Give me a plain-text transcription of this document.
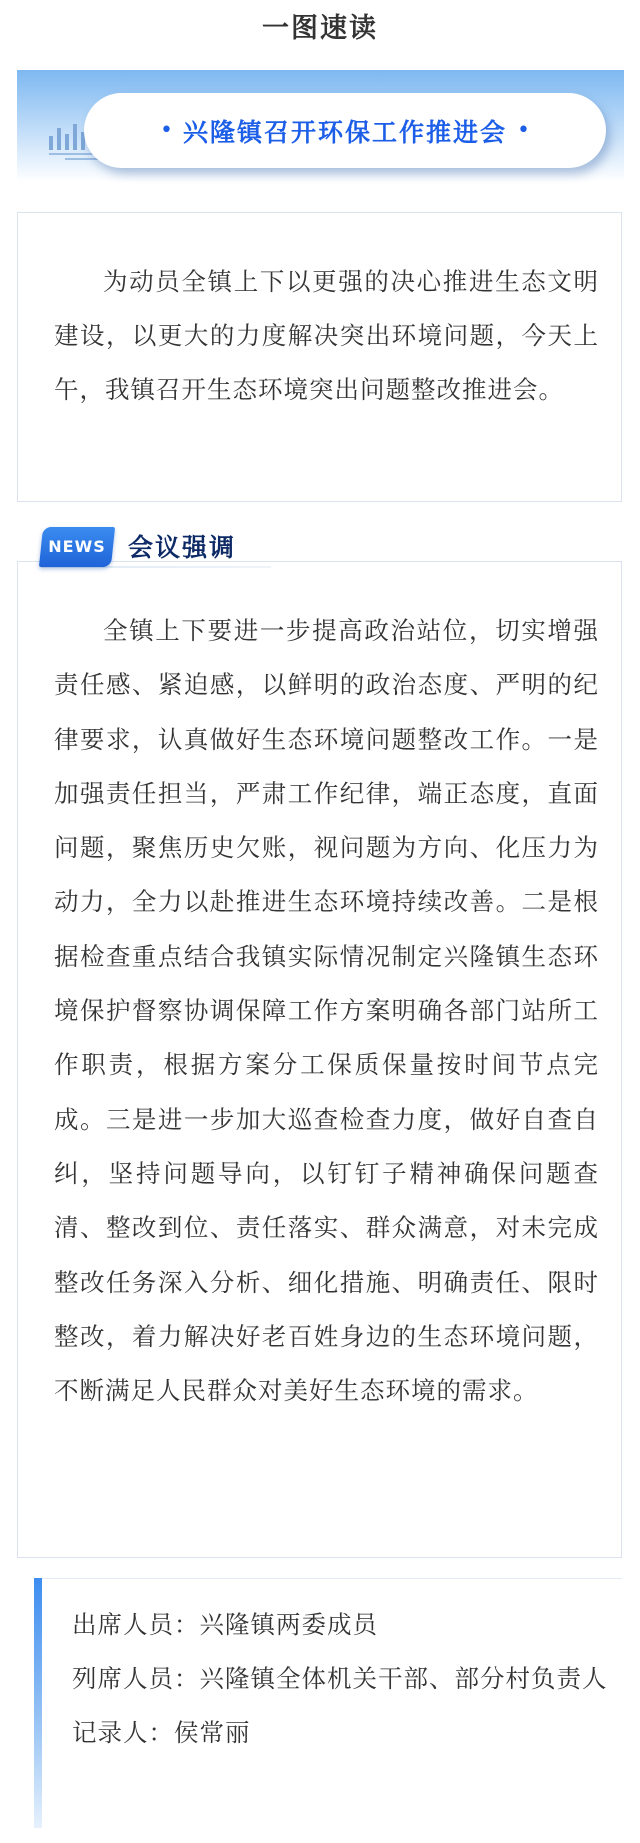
一图速读
• 兴隆镇召开环保工作推进会 •

为动员全镇上下以更强的决心推进生态文明建设，以更大的力度解决突出环境问题，今天上午，我镇召开生态环境突出问题整改推进会。

全镇上下要进一步提高政治站位，切实增强责任感、紧迫感，以鲜明的政治态度、严明的纪律要求，认真做好生态环境问题整改工作。一是加强责任担当，严肃工作纪律，端正态度，直面问题，聚焦历史欠账，视问题为方向、化压力为动力，全力以赴推进生态环境持续改善。二是根据检查重点结合我镇实际情况制定兴隆镇生态环境保护督察协调保障工作方案明确各部门站所工作职责，根据方案分工保质保量按时间节点完成。三是进一步加大巡查检查力度，做好自查自纠，坚持问题导向，以钉钉子精神确保问题查清、整改到位、责任落实、群众满意，对未完成整改任务深入分析、细化措施、明确责任、限时整改，着力解决好老百姓身边的生态环境问题，不断满足人民群众对美好生态环境的需求。

NEWS 会议强调
出席人员：兴隆镇两委成员
列席人员：兴隆镇全体机关干部、部分村负责人
记录人：侯常丽
